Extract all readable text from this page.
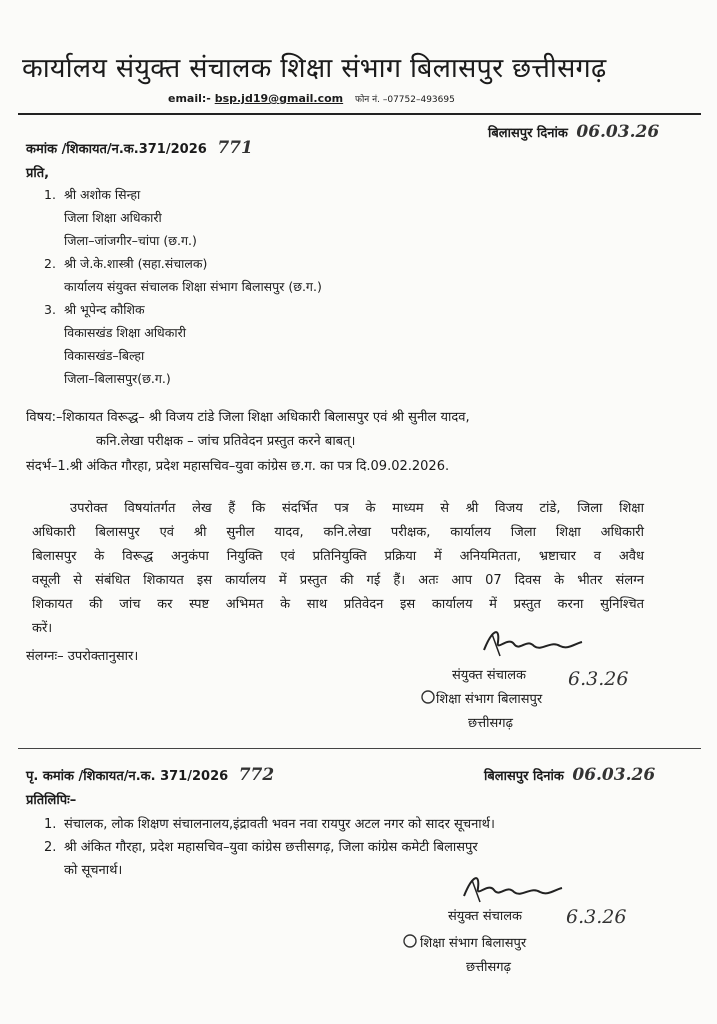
कार्यालय संयुक्त संचालक शिक्षा संभाग बिलासपुर छत्तीसगढ़
email:- bsp.jd19@gmail.com फोन नं. –07752–493695
कमांक /शिकायत/न.क.371/2026 771
बिलासपुर दिनांक 06.03.26
प्रति,
1. श्री अशोक सिन्हा
जिला शिक्षा अधिकारी
जिला–जांजगीर–चांपा (छ.ग.)
2. श्री जे.के.शास्त्री (सहा.संचालक)
कार्यालय संयुक्त संचालक शिक्षा संभाग बिलासपुर (छ.ग.)
3. श्री भूपेन्द कौशिक
विकासखंड शिक्षा अधिकारी
विकासखंड–बिल्हा
जिला–बिलासपुर(छ.ग.)
विषय:–शिकायत विरूद्ध– श्री विजय टांडे जिला शिक्षा अधिकारी बिलासपुर एवं श्री सुनील यादव,
कनि.लेखा परीक्षक – जांच प्रतिवेदन प्रस्तुत करने बाबत्।
संदर्भ–1.श्री अंकित गौरहा, प्रदेश महासचिव–युवा कांग्रेस छ.ग. का पत्र दि.09.02.2026.
उपरोक्त विषयांतर्गत लेख हैं कि संदर्भित पत्र के माध्यम से श्री विजय टांडे, जिला शिक्षा
अधिकारी बिलासपुर एवं श्री सुनील यादव, कनि.लेखा परीक्षक, कार्यालय जिला शिक्षा अधिकारी
बिलासपुर के विरूद्ध अनुकंपा नियुक्ति एवं प्रतिनियुक्ति प्रक्रिया में अनियमितता, भ्रष्टाचार व अवैध
वसूली से संबंधित शिकायत इस कार्यालय में प्रस्तुत की गई हैं। अतः आप 07 दिवस के भीतर संलग्न
शिकायत की जांच कर स्पष्ट अभिमत के साथ प्रतिवेदन इस कार्यालय में प्रस्तुत करना सुनिश्चित
करें।
संलग्नः– उपरोक्तानुसार।
संयुक्त संचालक 6.3.26
शिक्षा संभाग बिलासपुर
छत्तीसगढ़
पृ. कमांक /शिकायत/न.क. 371/2026 772	बिलासपुर दिनांक 06.03.26
प्रतिलिपिः–
1. संचालक, लोक शिक्षण संचालनालय,इंद्रावती भवन नवा रायपुर अटल नगर को सादर सूचनार्थ।
2. श्री अंकित गौरहा, प्रदेश महासचिव–युवा कांग्रेस छत्तीसगढ़, जिला कांग्रेस कमेटी बिलासपुर
को सूचनार्थ।
संयुक्त संचालक 6.3.26
शिक्षा संभाग बिलासपुर
छत्तीसगढ़
